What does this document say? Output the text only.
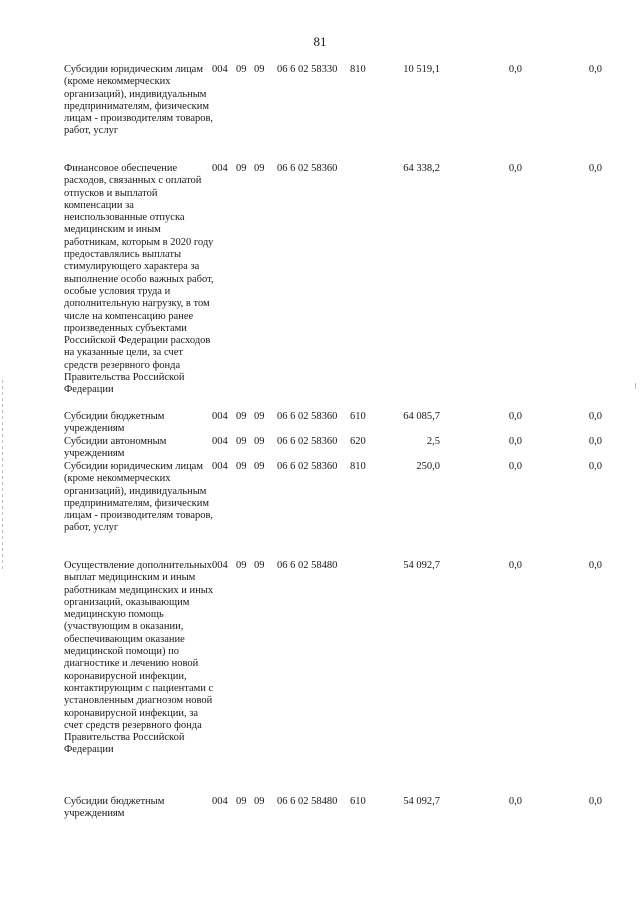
81
Субсидии юридическим лицам (кроме некоммерческих организаций), индивидуальным предпринимателям, физическим лицам - производителям товаров, работ, услуг
004 09 09 06 6 02 58330 810	10 519,1	0,0	0,0
Финансовое обеспечение расходов, связанных с оплатой отпусков и выплатой компенсации за неиспользованные отпуска медицинским и иным работникам, которым в 2020 году предоставлялись выплаты стимулирующего характера за выполнение особо важных работ, особые условия труда и дополнительную нагрузку, в том числе на компенсацию ранее произведенных субъектами Российской Федерации расходов на указанные цели, за счет средств резервного фонда Правительства Российской Федерации
004 09 09 06 6 02 58360	64 338,2	0,0	0,0
Субсидии бюджетным учреждениям
004 09 09 06 6 02 58360 610	64 085,7	0,0	0,0
Субсидии автономным учреждениям
004 09 09 06 6 02 58360 620	2,5	0,0	0,0
Субсидии юридическим лицам (кроме некоммерческих организаций), индивидуальным предпринимателям, физическим лицам - производителям товаров, работ, услуг
004 09 09 06 6 02 58360 810	250,0	0,0	0,0
Осуществление дополнительных выплат медицинским и иным работникам медицинских и иных организаций, оказывающим медицинскую помощь (участвующим в оказании, обеспечивающим оказание медицинской помощи) по диагностике и лечению новой коронавирусной инфекции, контактирующим с пациентами с установленным диагнозом новой коронавирусной инфекции, за счет средств резервного фонда Правительства Российской Федерации
004 09 09 06 6 02 58480	54 092,7	0,0	0,0
Субсидии бюджетным учреждениям
004 09 09 06 6 02 58480 610	54 092,7	0,0	0,0
